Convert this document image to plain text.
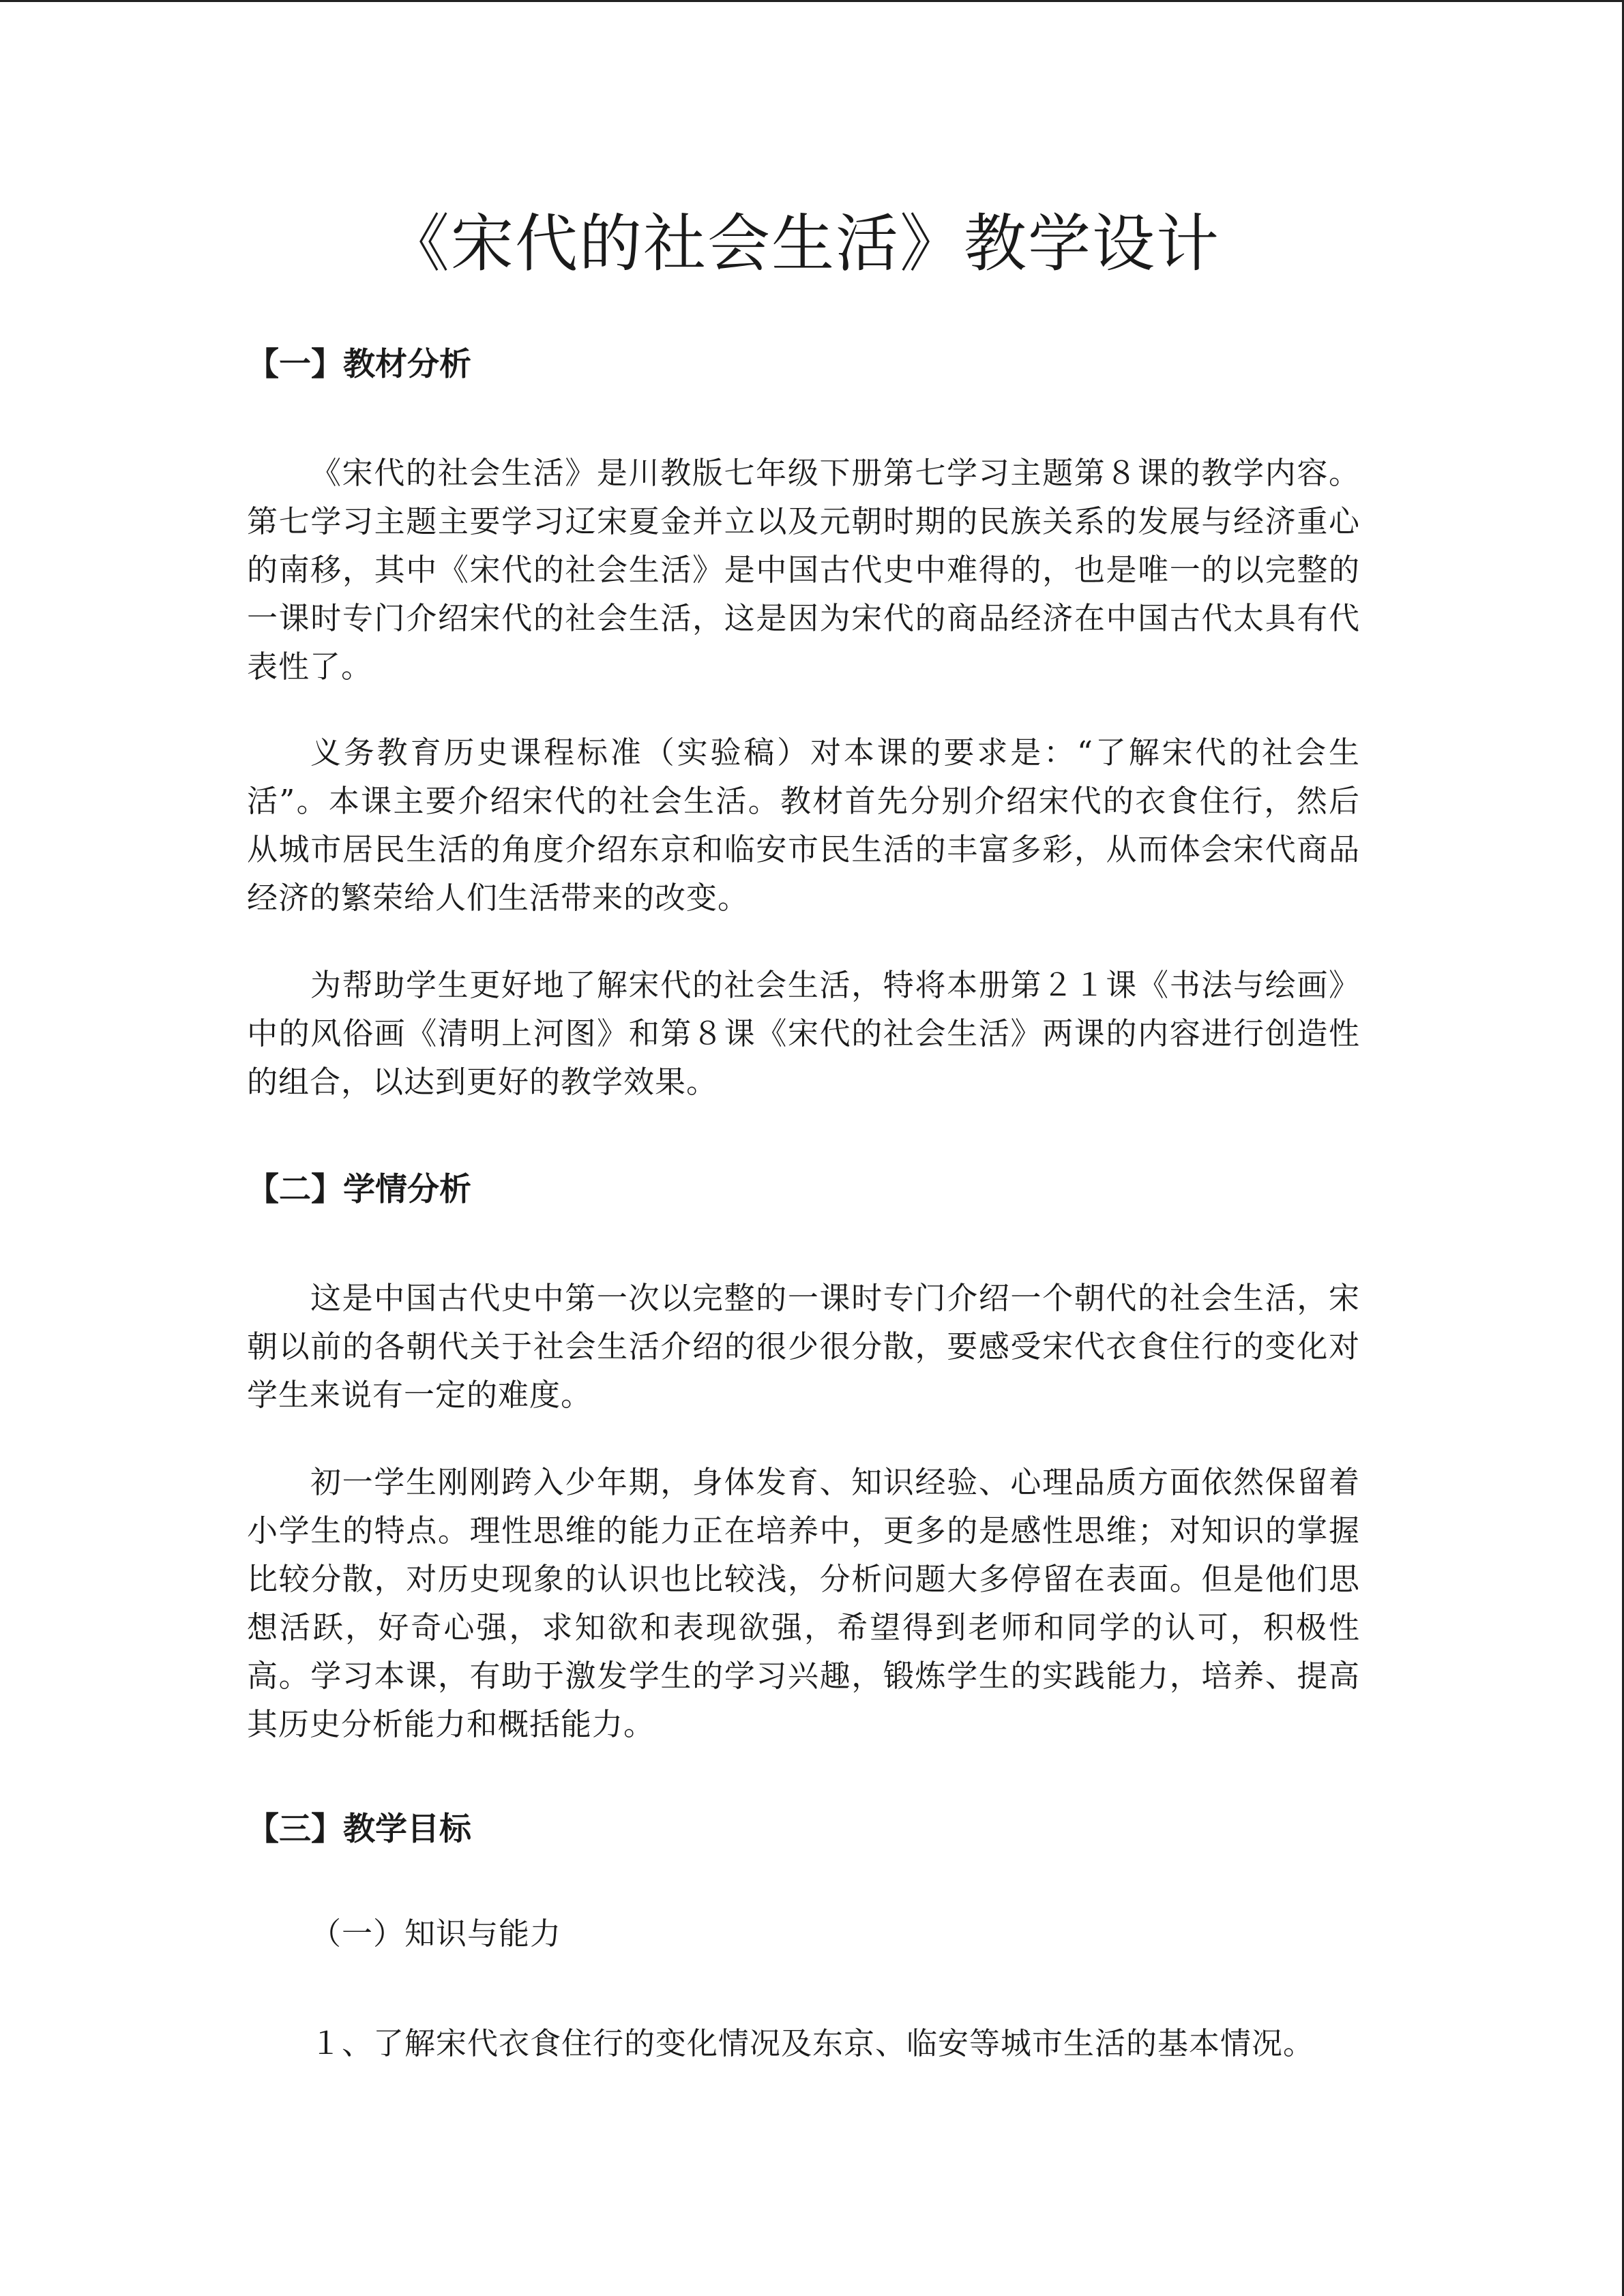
《宋代的社会生活》教学设计
【一】教材分析

《宋代的社会生活》是川教版七年级下册第七学习主题第８课的教学内容。第七学习主题主要学习辽宋夏金并立以及元朝时期的民族关系的发展与经济重心的南移，其中《宋代的社会生活》是中国古代史中难得的，也是唯一的以完整的一课时专门介绍宋代的社会生活，这是因为宋代的商品经济在中国古代太具有代表性了。

义务教育历史课程标准（实验稿）对本课的要求是：“了解宋代的社会生活”。本课主要介绍宋代的社会生活。教材首先分别介绍宋代的衣食住行，然后从城市居民生活的角度介绍东京和临安市民生活的丰富多彩，从而体会宋代商品经济的繁荣给人们生活带来的改变。

为帮助学生更好地了解宋代的社会生活，特将本册第２１课《书法与绘画》中的风俗画《清明上河图》和第８课《宋代的社会生活》两课的内容进行创造性的组合，以达到更好的教学效果。

【二】学情分析

这是中国古代史中第一次以完整的一课时专门介绍一个朝代的社会生活，宋朝以前的各朝代关于社会生活介绍的很少很分散，要感受宋代衣食住行的变化对学生来说有一定的难度。

初一学生刚刚跨入少年期，身体发育、知识经验、心理品质方面依然保留着小学生的特点。理性思维的能力正在培养中，更多的是感性思维；对知识的掌握比较分散，对历史现象的认识也比较浅，分析问题大多停留在表面。但是他们思想活跃，好奇心强，求知欲和表现欲强，希望得到老师和同学的认可，积极性高。学习本课，有助于激发学生的学习兴趣，锻炼学生的实践能力，培养、提高其历史分析能力和概括能力。

【三】教学目标

（一）知识与能力

１、了解宋代衣食住行的变化情况及东京、临安等城市生活的基本情况。
